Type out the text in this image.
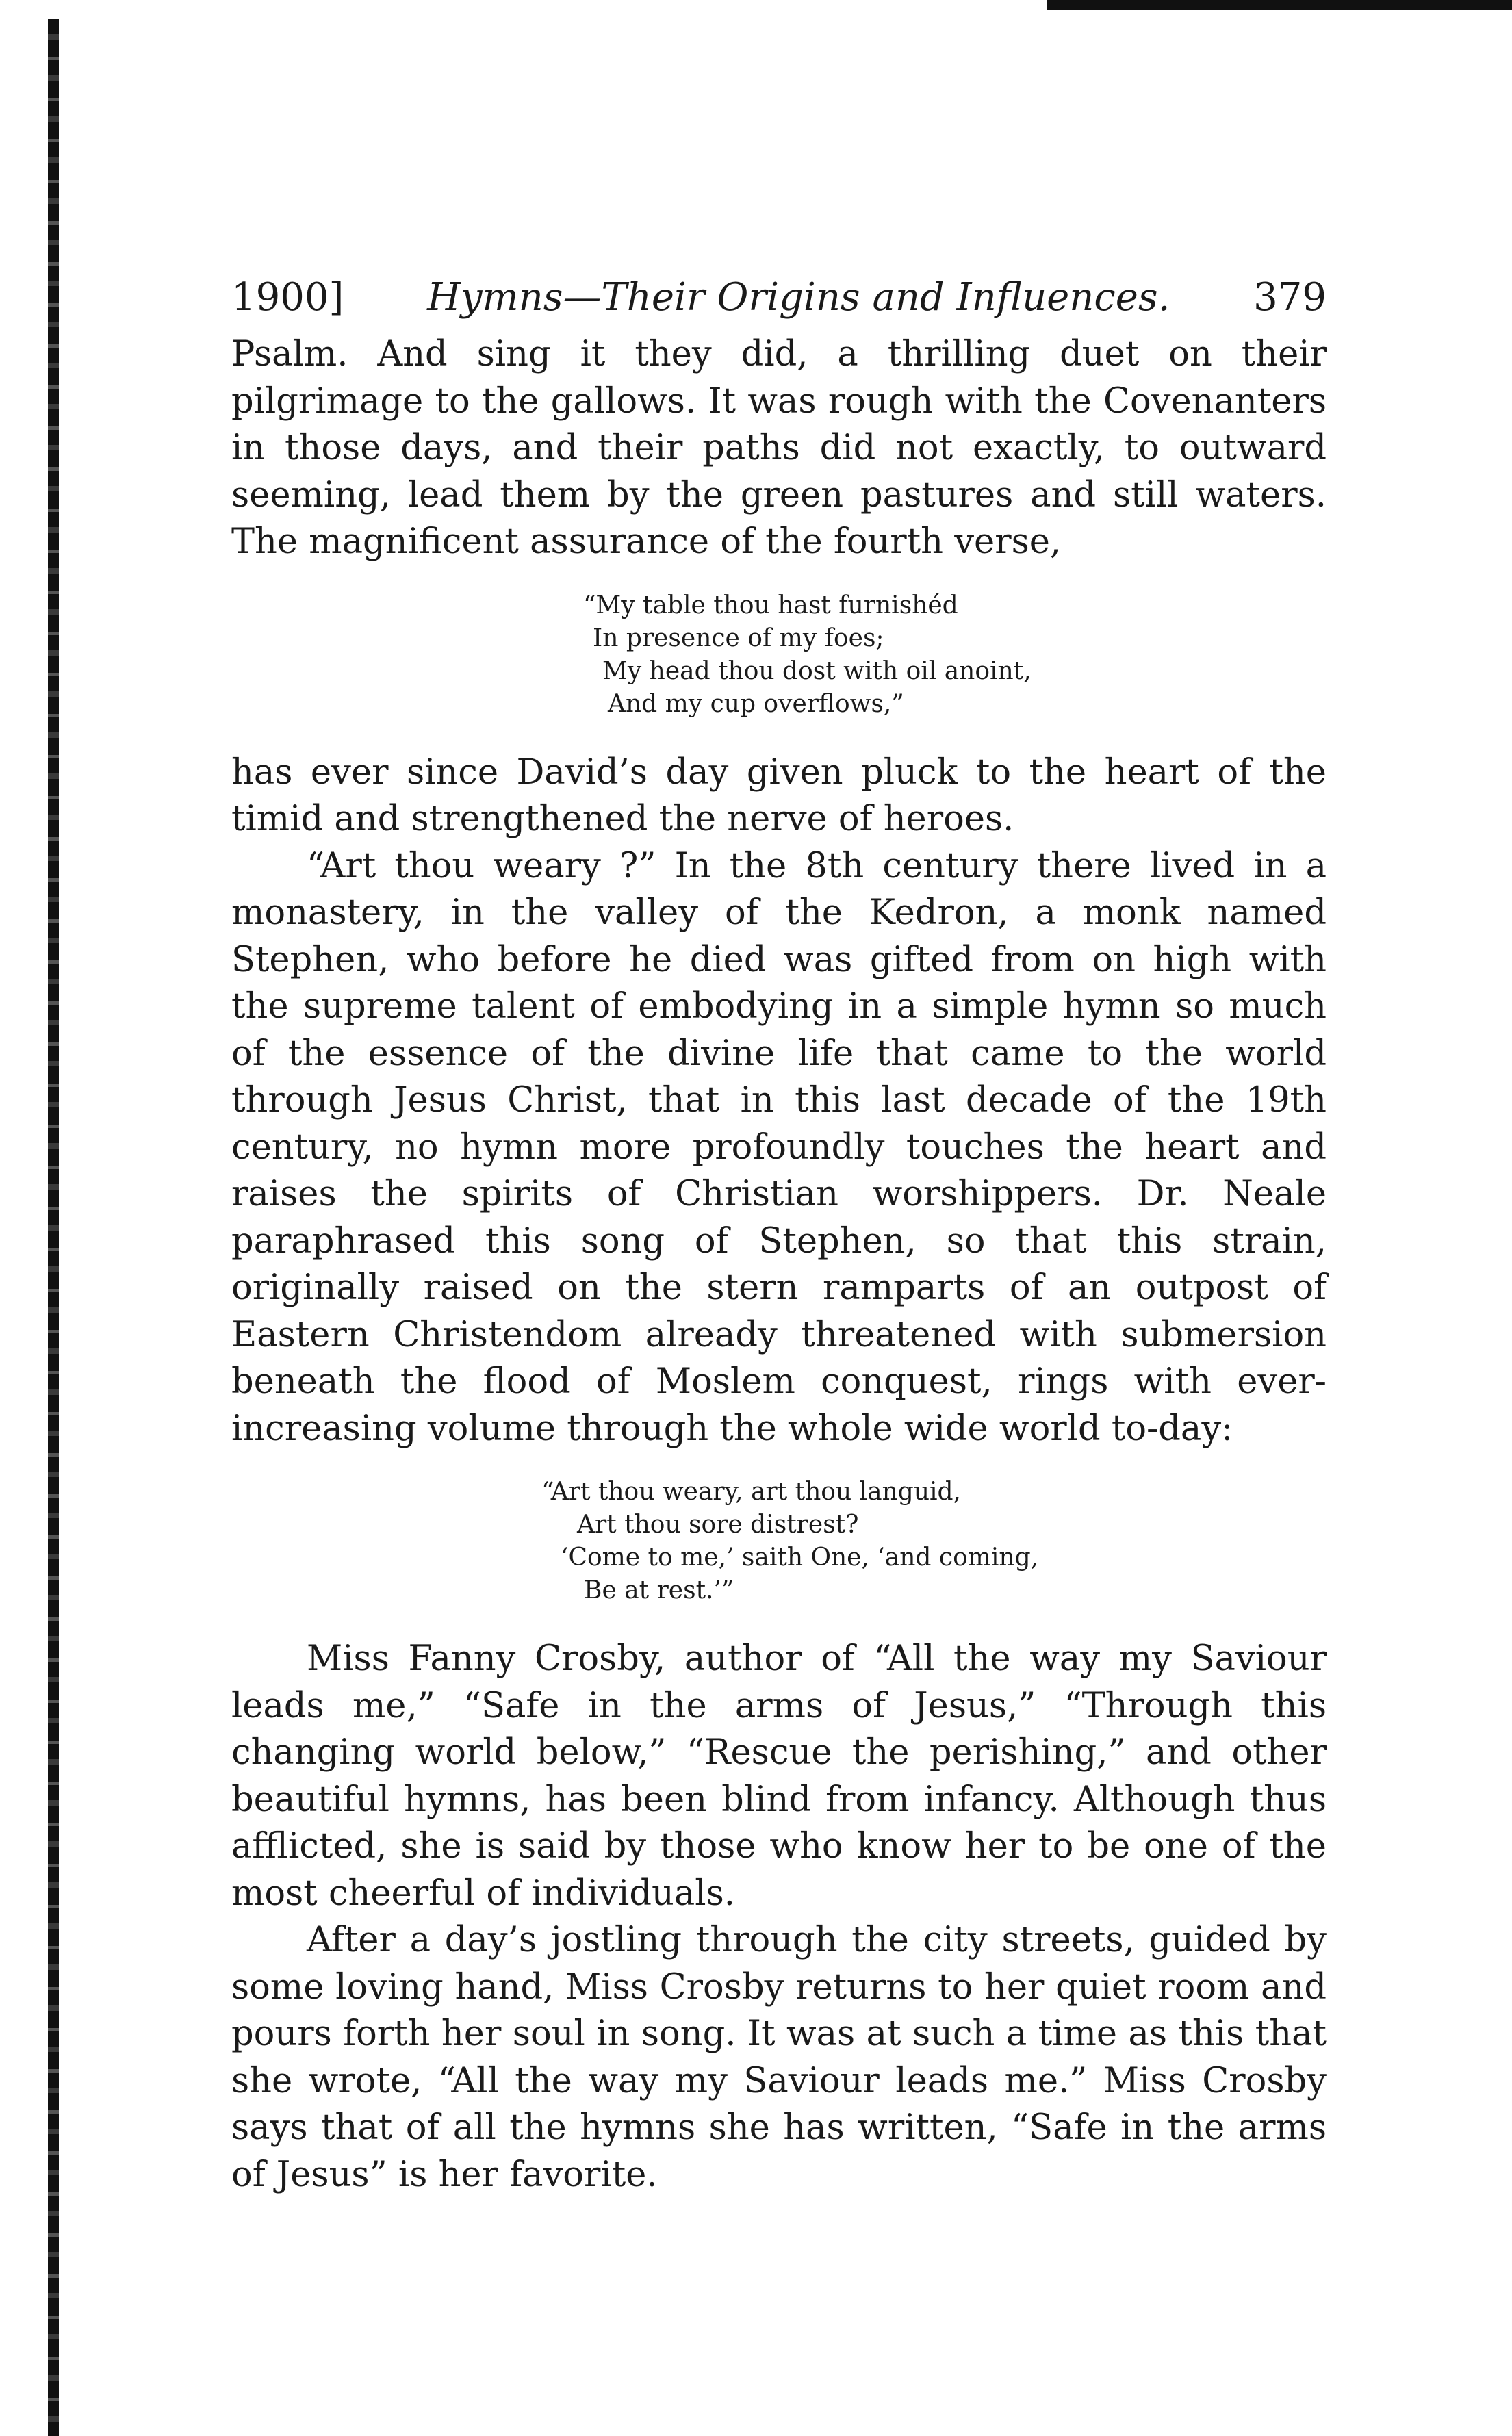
1900] Hymns—Their Origins and Influences. 379

Psalm. And sing it they did, a thrilling duet on their pilgrimage to the gallows. It was rough with the Covenanters in those days, and their paths did not exactly, to outward seeming, lead them by the green pastures and still waters. The magnificent assurance of the fourth verse,

“My table thou hast furnishéd
In presence of my foes;
My head thou dost with oil anoint,
And my cup overflows,”

has ever since David’s day given pluck to the heart of the timid and strengthened the nerve of heroes.

“Art thou weary ?” In the 8th century there lived in a monastery, in the valley of the Kedron, a monk named Stephen, who before he died was gifted from on high with the supreme talent of embodying in a simple hymn so much of the essence of the divine life that came to the world through Jesus Christ, that in this last decade of the 19th century, no hymn more profoundly touches the heart and raises the spirits of Christian worshippers. Dr. Neale paraphrased this song of Stephen, so that this strain, originally raised on the stern ramparts of an outpost of Eastern Christendom already threatened with submersion beneath the flood of Moslem conquest, rings with ever-increasing volume through the whole wide world to-day:

“Art thou weary, art thou languid,
Art thou sore distrest?
‘Come to me,’ saith One, ‘and coming,
Be at rest.’”

Miss Fanny Crosby, author of “All the way my Saviour leads me,” “Safe in the arms of Jesus,” “Through this changing world below,” “Rescue the perishing,” and other beautiful hymns, has been blind from infancy. Although thus afflicted, she is said by those who know her to be one of the most cheerful of individuals.

After a day’s jostling through the city streets, guided by some loving hand, Miss Crosby returns to her quiet room and pours forth her soul in song. It was at such a time as this that she wrote, “All the way my Saviour leads me.” Miss Crosby says that of all the hymns she has written, “Safe in the arms of Jesus” is her favorite.
